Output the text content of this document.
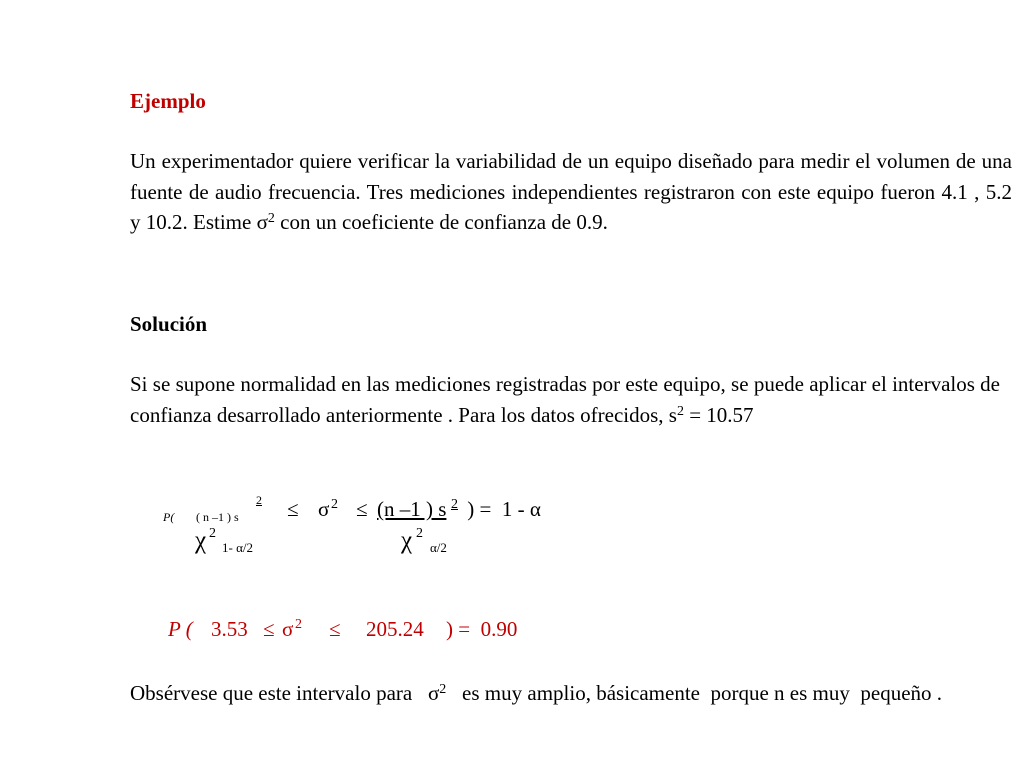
Ejemplo
Un experimentador quiere verificar la variabilidad de un equipo diseñado para medir el volumen de una fuente de audio frecuencia. Tres mediciones independientes registraron con este equipo fueron 4.1 , 5.2 y 10.2. Estime $\sigma^2$ con un coeficiente de confianza de 0.9.
Solución
Si se supone normalidad en las mediciones registradas por este equipo, se puede aplicar el intervalos de confianza desarrollado anteriormente . Para los datos ofrecidos, $s^2 = 10.57$
P( ( n –1 ) s
2 ≤ σ 2 ≤ (n –1 ) s 2 ) =  1 - α
χ 2
1- α/2	χ 2
α/2
P ( 3.53 ≤ σ 2 ≤ 205.24 ) =  0.90
Obsérvese que este intervalo para   $\sigma^2$   es muy amplio, básicamente  porque n es muy  pequeño .
